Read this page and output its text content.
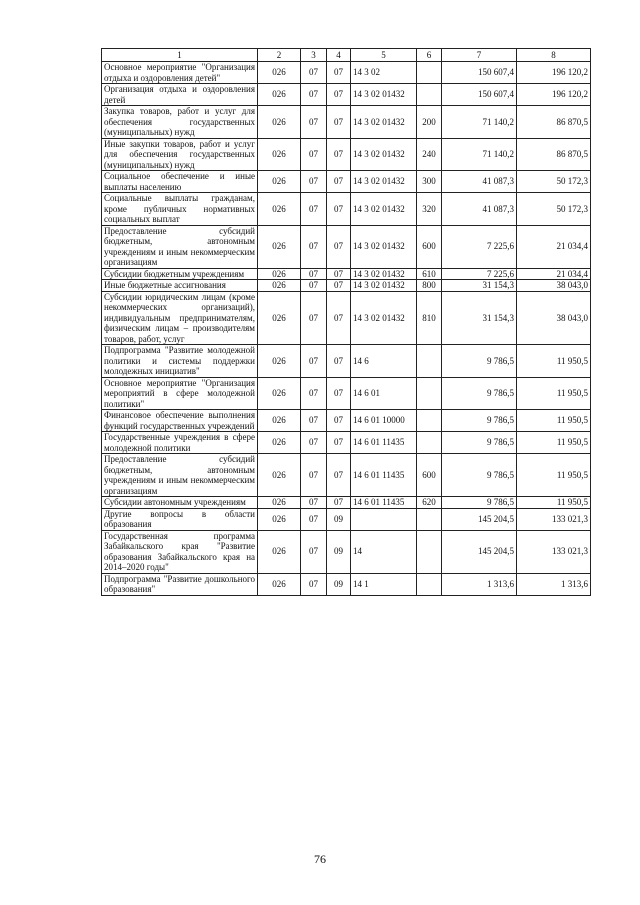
1	2	3	4	5	6	7	8
Основное мероприятие "Организация отдыха и оздоровления детей"	026	07	07	14 3 02		150 607,4	196 120,2
Организация отдыха и оздоровления детей	026	07	07	14 3 02 01432		150 607,4	196 120,2
Закупка товаров, работ и услуг для обеспечения государственных (муниципальных) нужд	026	07	07	14 3 02 01432	200	71 140,2	86 870,5
Иные закупки товаров, работ и услуг для обеспечения государственных (муниципальных) нужд	026	07	07	14 3 02 01432	240	71 140,2	86 870,5
Социальное обеспечение и иные выплаты населению	026	07	07	14 3 02 01432	300	41 087,3	50 172,3
Социальные выплаты гражданам, кроме публичных нормативных социальных выплат	026	07	07	14 3 02 01432	320	41 087,3	50 172,3
Предоставление субсидий бюджетным, автономным учреждениям и иным некоммерческим организациям	026	07	07	14 3 02 01432	600	7 225,6	21 034,4
Субсидии бюджетным учреждениям	026	07	07	14 3 02 01432	610	7 225,6	21 034,4
Иные бюджетные ассигнования	026	07	07	14 3 02 01432	800	31 154,3	38 043,0
Субсидии юридическим лицам (кроме некоммерческих организаций), индивидуальным предпринимателям, физическим лицам – производителям товаров, работ, услуг	026	07	07	14 3 02 01432	810	31 154,3	38 043,0
Подпрограмма "Развитие молодежной политики и системы поддержки молодежных инициатив"	026	07	07	14 6		9 786,5	11 950,5
Основное мероприятие "Организация мероприятий в сфере молодежной политики"	026	07	07	14 6 01		9 786,5	11 950,5
Финансовое обеспечение выполнения функций государственных учреждений	026	07	07	14 6 01 10000		9 786,5	11 950,5
Государственные учреждения в сфере молодежной политики	026	07	07	14 6 01 11435		9 786,5	11 950,5
Предоставление субсидий бюджетным, автономным учреждениям и иным некоммерческим организациям	026	07	07	14 6 01 11435	600	9 786,5	11 950,5
Субсидии автономным учреждениям	026	07	07	14 6 01 11435	620	9 786,5	11 950,5
Другие вопросы в области образования	026	07	09			145 204,5	133 021,3
Государственная программа Забайкальского края "Развитие образования Забайкальского края на 2014–2020 годы"	026	07	09	14		145 204,5	133 021,3
Подпрограмма "Развитие дошкольного образования"	026	07	09	14 1		1 313,6	1 313,6
76
